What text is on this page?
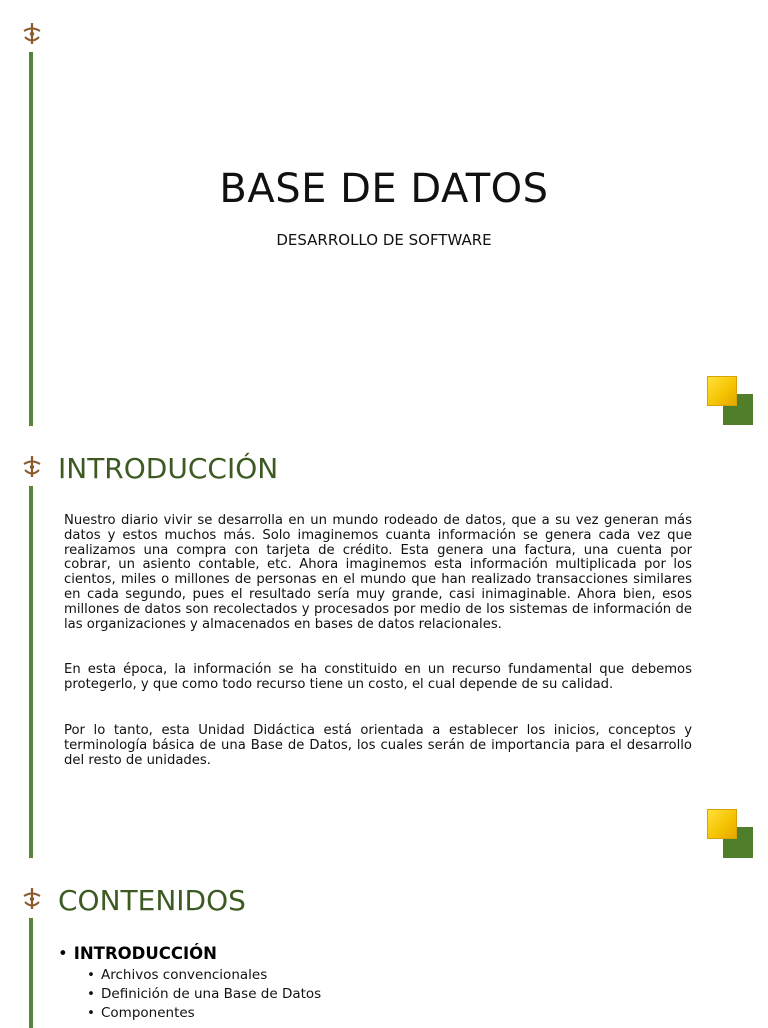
BASE DE DATOS
DESARROLLO DE SOFTWARE
INTRODUCCIÓN

Nuestro diario vivir se desarrolla en un mundo rodeado de datos, que a su vez generan más datos y estos muchos más. Solo imaginemos cuanta información se genera cada vez que realizamos una compra con tarjeta de crédito. Esta genera una factura, una cuenta por cobrar, un asiento contable, etc. Ahora imaginemos esta información multiplicada por los cientos, miles o millones de personas en el mundo que han realizado transacciones similares en cada segundo, pues el resultado sería muy grande, casi inimaginable. Ahora bien, esos millones de datos son recolectados y procesados por medio de los sistemas de información de las organizaciones y almacenados en bases de datos relacionales.

En esta época, la información se ha constituido en un recurso fundamental que debemos protegerlo, y que como todo recurso tiene un costo, el cual depende de su calidad.

Por lo tanto, esta Unidad Didáctica está orientada a establecer los inicios, conceptos y terminología básica de una Base de Datos, los cuales serán de importancia para el desarrollo del resto de unidades.

CONTENIDOS
• INTRODUCCIÓN
• Archivos convencionales
• Definición de una Base de Datos
• Componentes
